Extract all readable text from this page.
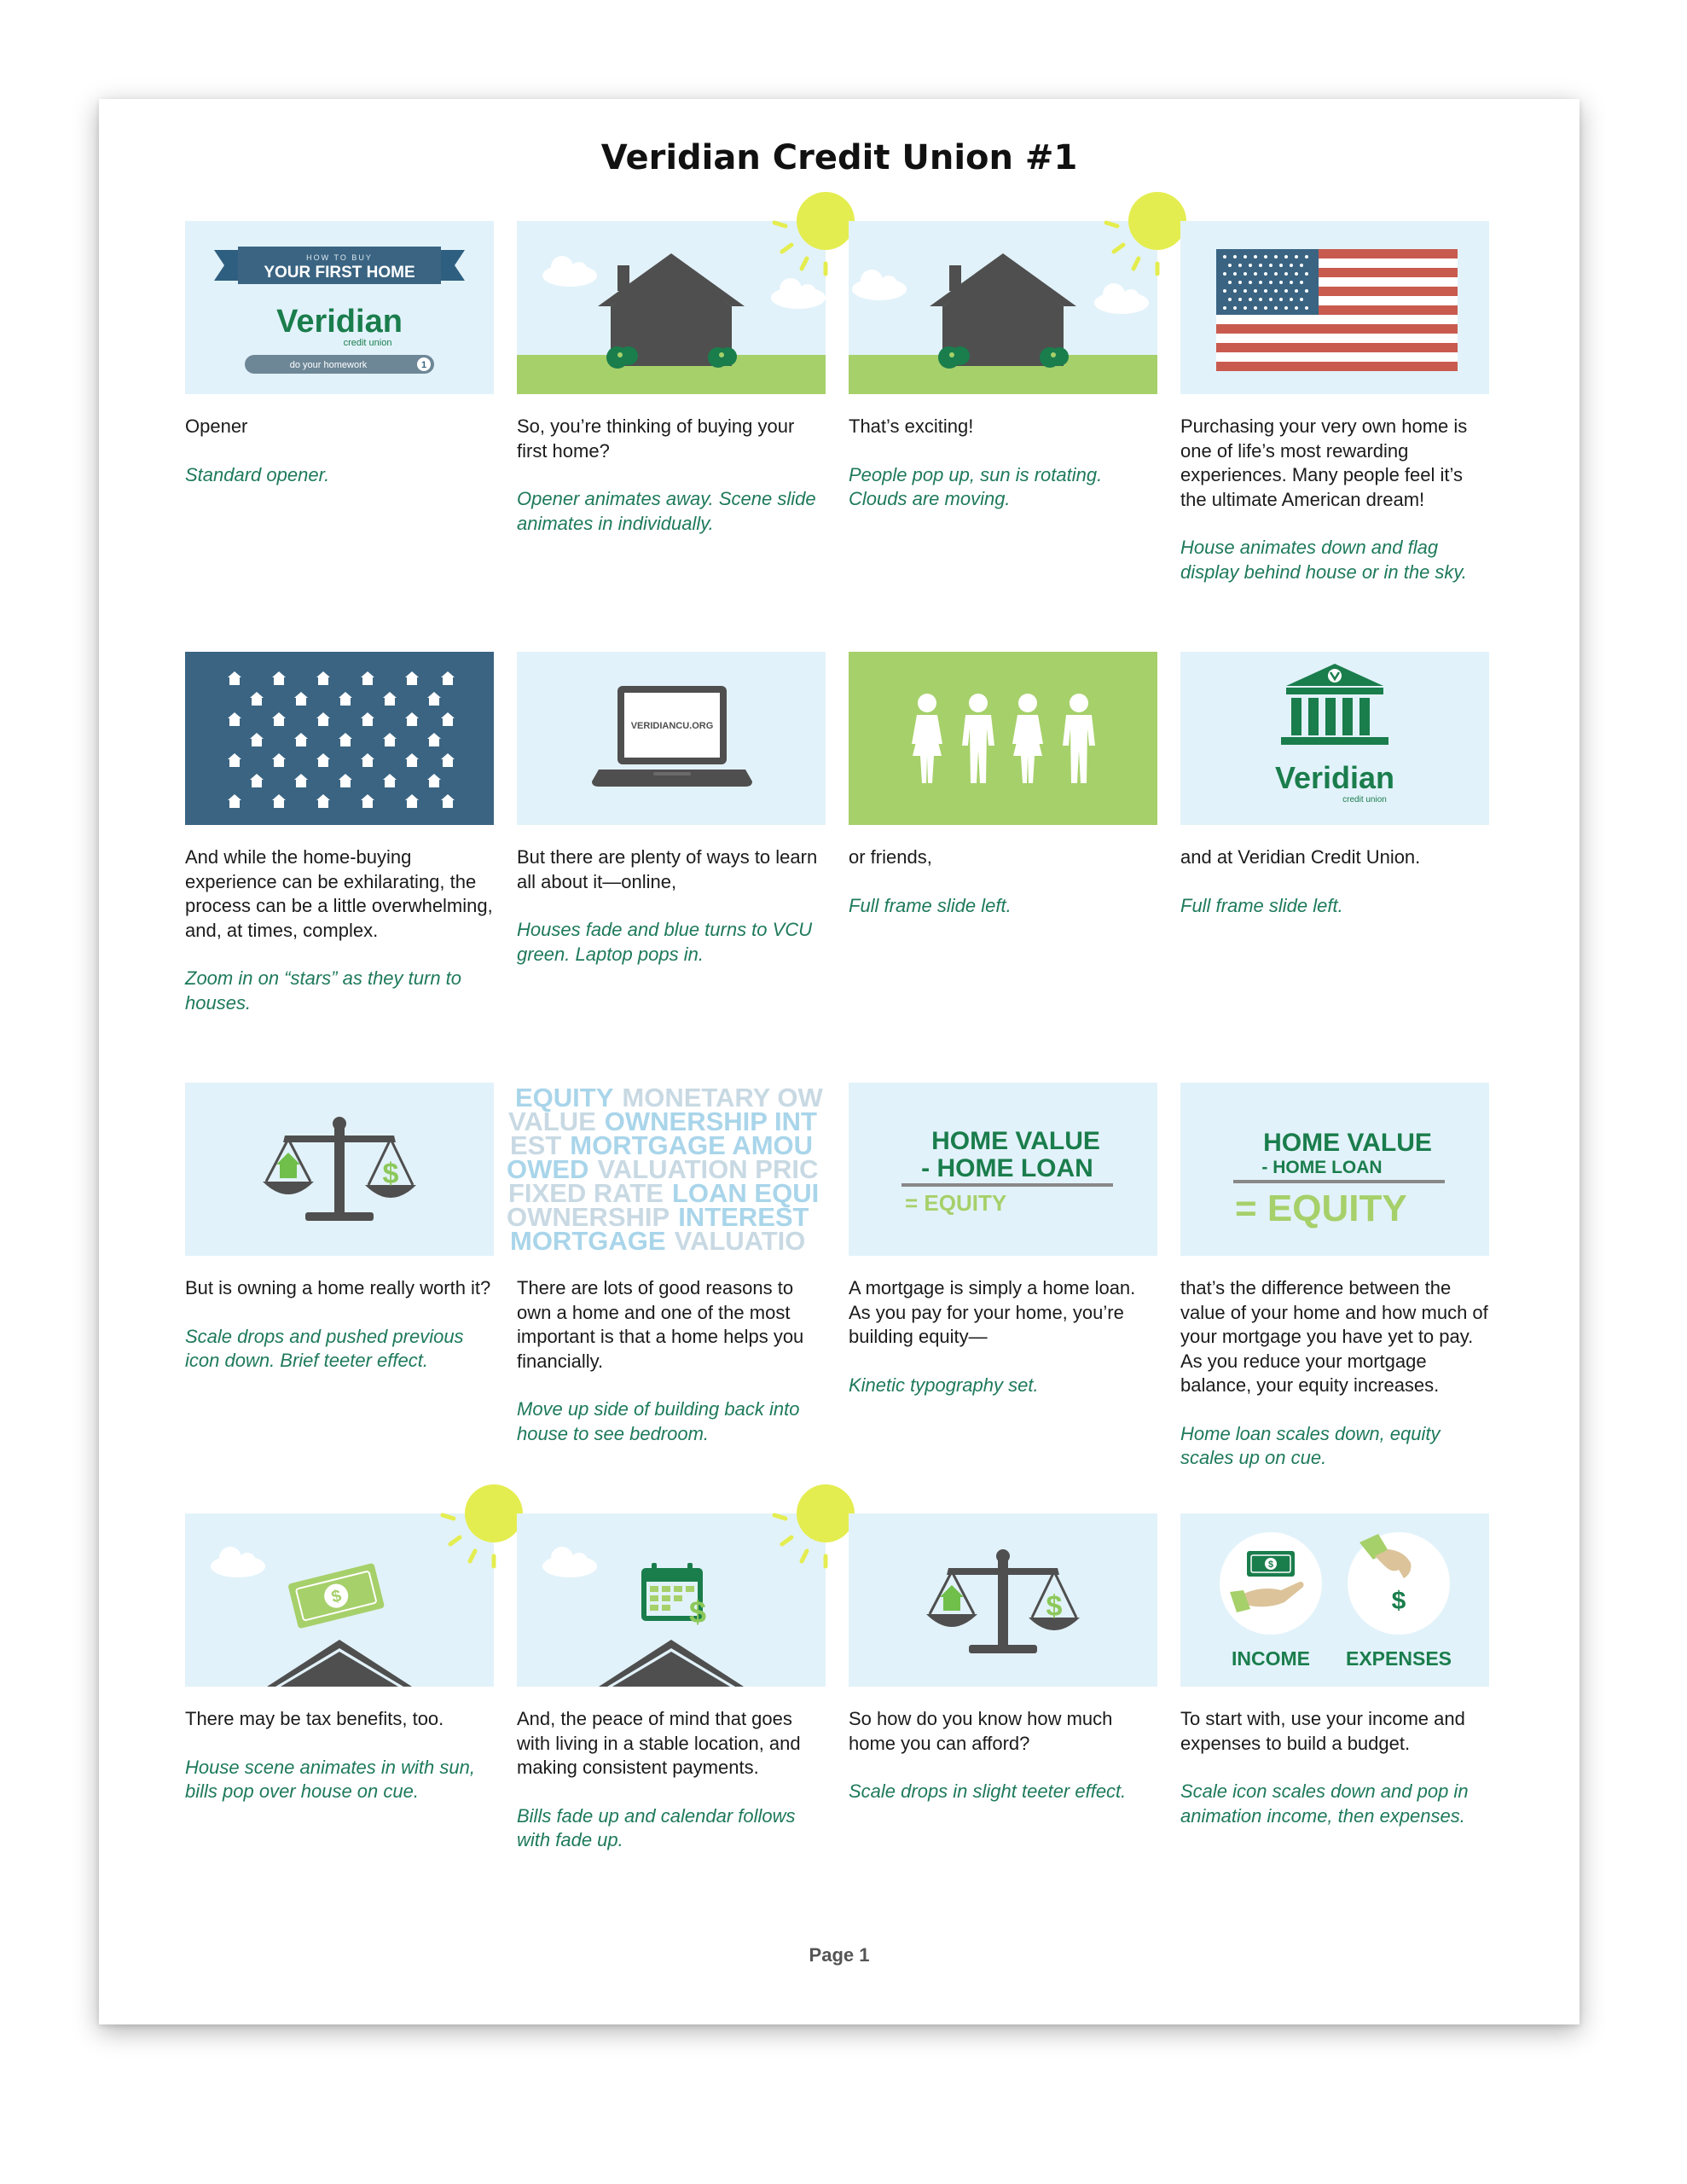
Veridian Credit Union #1
HOW TO BUY
YOUR FIRST HOME
Veridian
credit union
do your homework	1

Opener

Standard opener.

So, you’re thinking of buying your first home?

Opener animates away. Scene slide animates in individually.

That’s exciting!

People pop up, sun is rotating. Clouds are moving.

Purchasing your very own home is one of life’s most rewarding experiences. Many people feel it’s the ultimate American dream!

House animates down and flag display behind house or in the sky.

And while the home-buying experience can be exhilarating, the process can be a little overwhelming, and, at times, complex.

Zoom in on “stars” as they turn to houses.

VERIDIANCU.ORG

But there are plenty of ways to learn all about it—online,

Houses fade and blue turns to VCU green. Laptop pops in.

or friends,

Full frame slide left.

Veridian
credit union

and at Veridian Credit Union.

Full frame slide left.

But is owning a home really worth it?

Scale drops and pushed previous icon down. Brief teeter effect.

EQUITY MONETARY OW
VALUE OWNERSHIP INT
EST MORTGAGE AMOU
OWED VALUATION PRIC
FIXED RATE LOAN EQUI
OWNERSHIP INTEREST
MORTGAGE VALUATIO

There are lots of good reasons to own a home and one of the most important is that a home helps you financially.

Move up side of building back into house to see bedroom.

HOME VALUE
- HOME LOAN
= EQUITY

A mortgage is simply a home loan. As you pay for your home, you’re building equity—

Kinetic typography set.

HOME VALUE
- HOME LOAN
= EQUITY

that’s the difference between the value of your home and how much of your mortgage you have yet to pay. As you reduce your mortgage balance, your equity increases.

Home loan scales down, equity scales up on cue.

$

There may be tax benefits, too.

House scene animates in with sun, bills pop over house on cue.

$

And, the peace of mind that goes with living in a stable location, and making consistent payments.

Bills fade up and calendar follows with fade up.

So how do you know how much home you can afford?

Scale drops in slight teeter effect.

$
$
INCOME EXPENSES

To start with, use your income and expenses to build a budget.

Scale icon scales down and pop in animation income, then expenses.

Page 1
